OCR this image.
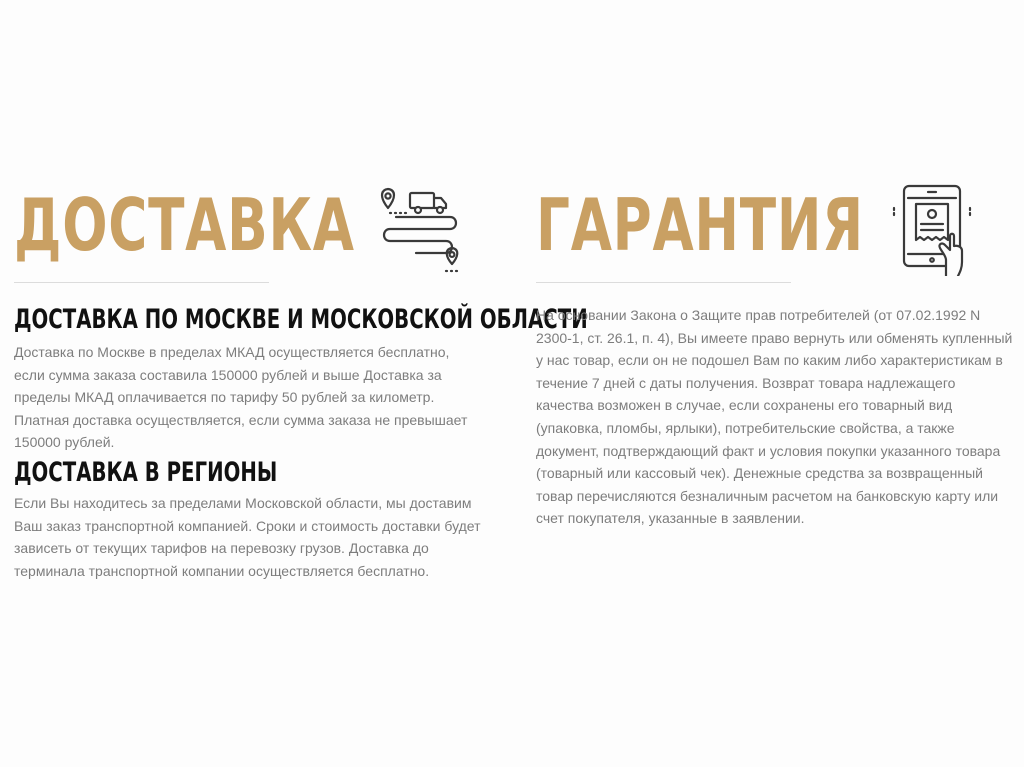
ДОСТАВКА
ДОСТАВКА ПО МОСКВЕ И МОСКОВСКОЙ ОБЛАСТИ

Доставка по Москве в пределах МКАД осуществляется бесплатно, если сумма заказа составила 150000 рублей и выше Доставка за пределы МКАД оплачивается по тарифу 50 рублей за километр. Платная доставка осуществляется, если сумма заказа не превышает 150000 рублей.

ДОСТАВКА В РЕГИОНЫ

Если Вы находитесь за пределами Московской области, мы доставим Ваш заказ транспортной компанией. Сроки и стоимость доставки будет зависеть от текущих тарифов на перевозку грузов. Доставка до терминала транспортной компании осуществляется бесплатно.

ГАРАНТИЯ

На основании Закона о Защите прав потребителей (от 07.02.1992 N 2300-1, ст. 26.1, п. 4), Вы имеете право вернуть или обменять купленный у нас товар, если он не подошел Вам по каким либо характеристикам в течение 7 дней с даты получения. Возврат товара надлежащего качества возможен в случае, если сохранены его товарный вид (упаковка, пломбы, ярлыки), потребительские свойства, а также документ, подтверждающий факт и условия покупки указанного товара (товарный или кассовый чек). Денежные средства за возвращенный товар перечисляются безналичным расчетом на банковскую карту или счет покупателя, указанные в заявлении.
